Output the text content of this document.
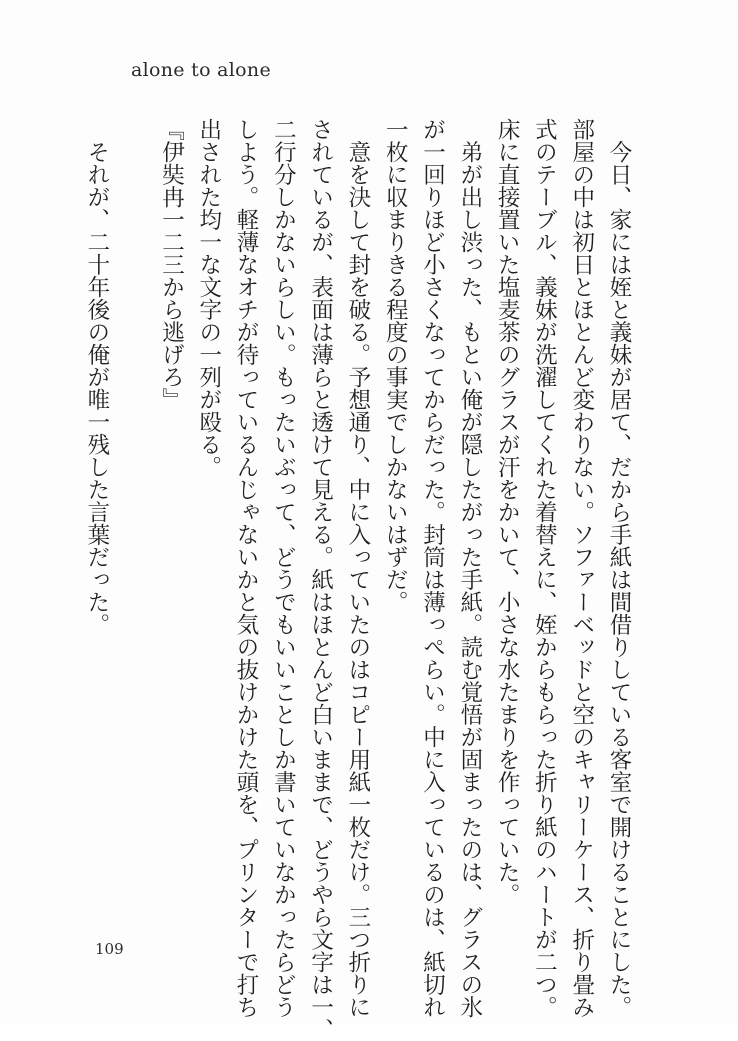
alone to alone

　今日、家には姪と義妹が居て、だから手紙は間借りしている客室で開けることにした。
部屋の中は初日とほとんど変わりない。ソファーベッドと空のキャリーケース、折り畳み
式のテーブル、義妹が洗濯してくれた着替えに、姪からもらった折り紙のハートが二つ。
床に直接置いた塩麦茶のグラスが汗をかいて、小さな水たまりを作っていた。

　弟が出し渋った、もとい俺が隠したがった手紙。読む覚悟が固まったのは、グラスの氷
が一回りほど小さくなってからだった。封筒は薄っぺらい。中に入っているのは、紙切れ
一枚に収まりきる程度の事実でしかないはずだ。

　意を決して封を破る。予想通り、中に入っていたのはコピー用紙一枚だけ。三つ折りに
されているが、表面は薄らと透けて見える。紙はほとんど白いままで、どうやら文字は一、
二行分しかないらしい。もったいぶって、どうでもいいことしか書いていなかったらどう
しよう。軽薄なオチが待っているんじゃないかと気の抜けかけた頭を、プリンターで打ち
出された均一な文字の一列が殴る。

『伊奘冉一二三から逃げろ』

　それが、二十年後の俺が唯一残した言葉だった。

109
